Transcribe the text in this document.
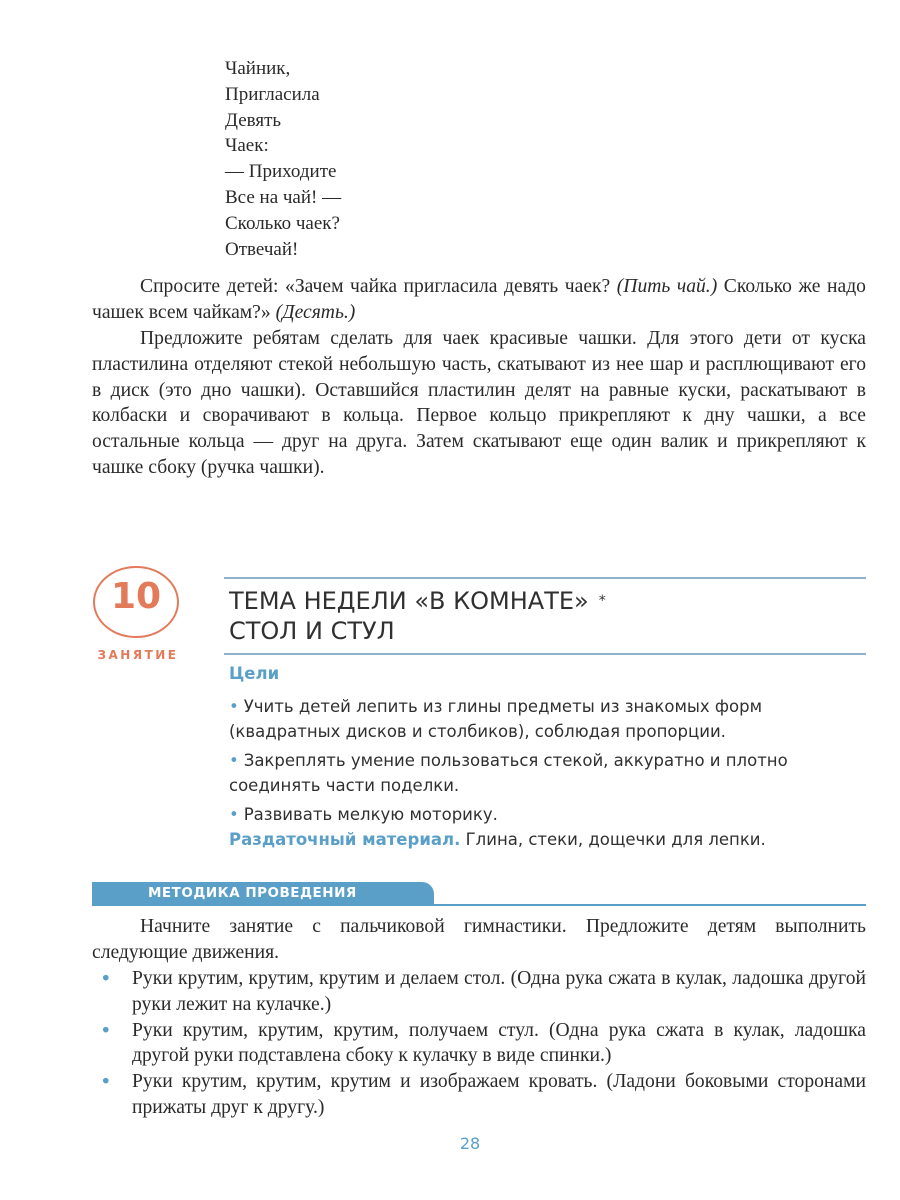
Чайник,
Пригласила
Девять
Чаек:
— Приходите
Все на чай! —
Сколько чаек?
Отвечай!
Спросите детей: «Зачем чайка пригласила девять чаек? (Пить чай.) Сколько же надо чашек всем чайкам?» (Десять.)
Предложите ребятам сделать для чаек красивые чашки. Для этого дети от куска пластилина отделяют стекой небольшую часть, скатывают из нее шар и расплющивают его в диск (это дно чашки). Оставшийся пластилин делят на равные куски, раскатывают в колбаски и сворачивают в кольца. Первое кольцо прикрепляют к дну чашки, а все остальные кольца — друг на друга. Затем скатывают еще один валик и прикрепляют к чашке сбоку (ручка чашки).
10
ЗАНЯТИЕ
ТЕМА НЕДЕЛИ «В КОМНАТЕ» *
СТОЛ И СТУЛ
Цели
• Учить детей лепить из глины предметы из знакомых форм (квадратных дисков и столбиков), соблюдая пропорции.
• Закреплять умение пользоваться стекой, аккуратно и плотно соединять части поделки.
• Развивать мелкую моторику.
Раздаточный материал. Глина, стеки, дощечки для лепки.
МЕТОДИКА ПРОВЕДЕНИЯ
Начните занятие с пальчиковой гимнастики. Предложите детям выполнить следующие движения.
• Руки крутим, крутим, крутим и делаем стол. (Одна рука сжата в кулак, ладошка другой руки лежит на кулачке.)
• Руки крутим, крутим, крутим, получаем стул. (Одна рука сжата в кулак, ладошка другой руки подставлена сбоку к кулачку в виде спинки.)
• Руки крутим, крутим, крутим и изображаем кровать. (Ладони боковыми сторонами прижаты друг к другу.)
28
